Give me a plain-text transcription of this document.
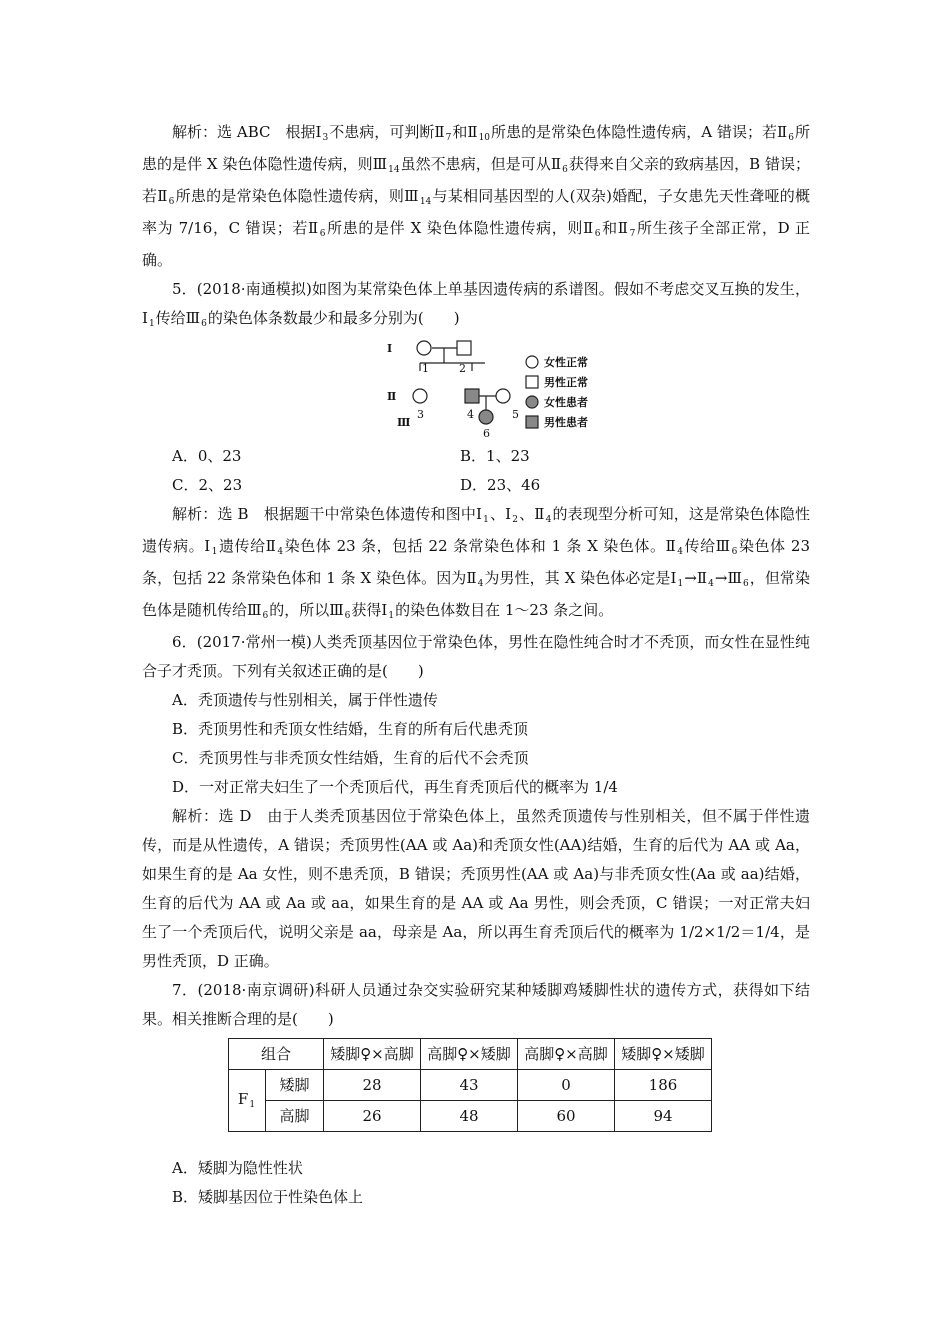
解析：选 ABC　根据$Ⅰ_3$不患病，可判断$Ⅱ_7$和$Ⅱ_{10}$所患的是常染色体隐性遗传病，A 错误；若$Ⅱ_6$所患的是伴 X 染色体隐性遗传病，则$Ⅲ_{14}$虽然不患病，但是可从$Ⅱ_6$获得来自父亲的致病基因，B 错误；若$Ⅱ_6$所患的是常染色体隐性遗传病，则$Ⅲ_{14}$与某相同基因型的人(双杂)婚配，子女患先天性聋哑的概率为 7/16，C 错误；若$Ⅱ_6$所患的是伴 X 染色体隐性遗传病，则$Ⅱ_6$和$Ⅱ_7$所生孩子全部正常，D 正确。

5．(2018·南通模拟)如图为某常染色体上单基因遗传病的系谱图。假如不考虑交叉互换的发生，$Ⅰ_1$传给$Ⅲ_6$的染色体条数最少和最多分别为(　　)

Ⅰ
Ⅱ
Ⅲ
1	2
3	4	5
6
女性正常
男性正常
女性患者
男性患者
A．0、23	B．1、23
C．2、23	D．23、46

解析：选 B　根据题干中常染色体遗传和图中$Ⅰ_1$、$Ⅰ_2$、$Ⅱ_4$的表现型分析可知，这是常染色体隐性遗传病。$Ⅰ_1$遗传给$Ⅱ_4$染色体 23 条，包括 22 条常染色体和 1 条 X 染色体。$Ⅱ_4$传给$Ⅲ_6$染色体 23 条，包括 22 条常染色体和 1 条 X 染色体。因为$Ⅱ_4$为男性，其 X 染色体必定是$Ⅰ_1\to Ⅱ_4\to Ⅲ_6$，但常染色体是随机传给$Ⅲ_6$的，所以$Ⅲ_6$获得$Ⅰ_1$的染色体数目在 1～23 条之间。

6．(2017·常州一模)人类秃顶基因位于常染色体，男性在隐性纯合时才不秃顶，而女性在显性纯合子才秃顶。下列有关叙述正确的是(　　)

A．秃顶遗传与性别相关，属于伴性遗传

B．秃顶男性和秃顶女性结婚，生育的所有后代患秃顶

C．秃顶男性与非秃顶女性结婚，生育的后代不会秃顶

D．一对正常夫妇生了一个秃顶后代，再生育秃顶后代的概率为 1/4

解析：选 D　由于人类秃顶基因位于常染色体上，虽然秃顶遗传与性别相关，但不属于伴性遗传，而是从性遗传，A 错误；秃顶男性(AA 或 Aa)和秃顶女性(AA)结婚，生育的后代为 AA 或 Aa，如果生育的是 Aa 女性，则不患秃顶，B 错误；秃顶男性(AA 或 Aa)与非秃顶女性(Aa 或 aa)结婚，生育的后代为 AA 或 Aa 或 aa，如果生育的是 AA 或 Aa 男性，则会秃顶，C 错误；一对正常夫妇生了一个秃顶后代，说明父亲是 aa，母亲是 Aa，所以再生育秃顶后代的概率为 1/2×1/2＝1/4，是男性秃顶，D 正确。

7．(2018·南京调研)科研人员通过杂交实验研究某种矮脚鸡矮脚性状的遗传方式，获得如下结果。相关推断合理的是(　　)

组合		矮脚♀×高脚	高脚♀×矮脚	高脚♀×高脚	矮脚♀×矮脚
$F_1$	矮脚	28	43	0	186
	高脚	26	48	60	94

A．矮脚为隐性性状

B．矮脚基因位于性染色体上
